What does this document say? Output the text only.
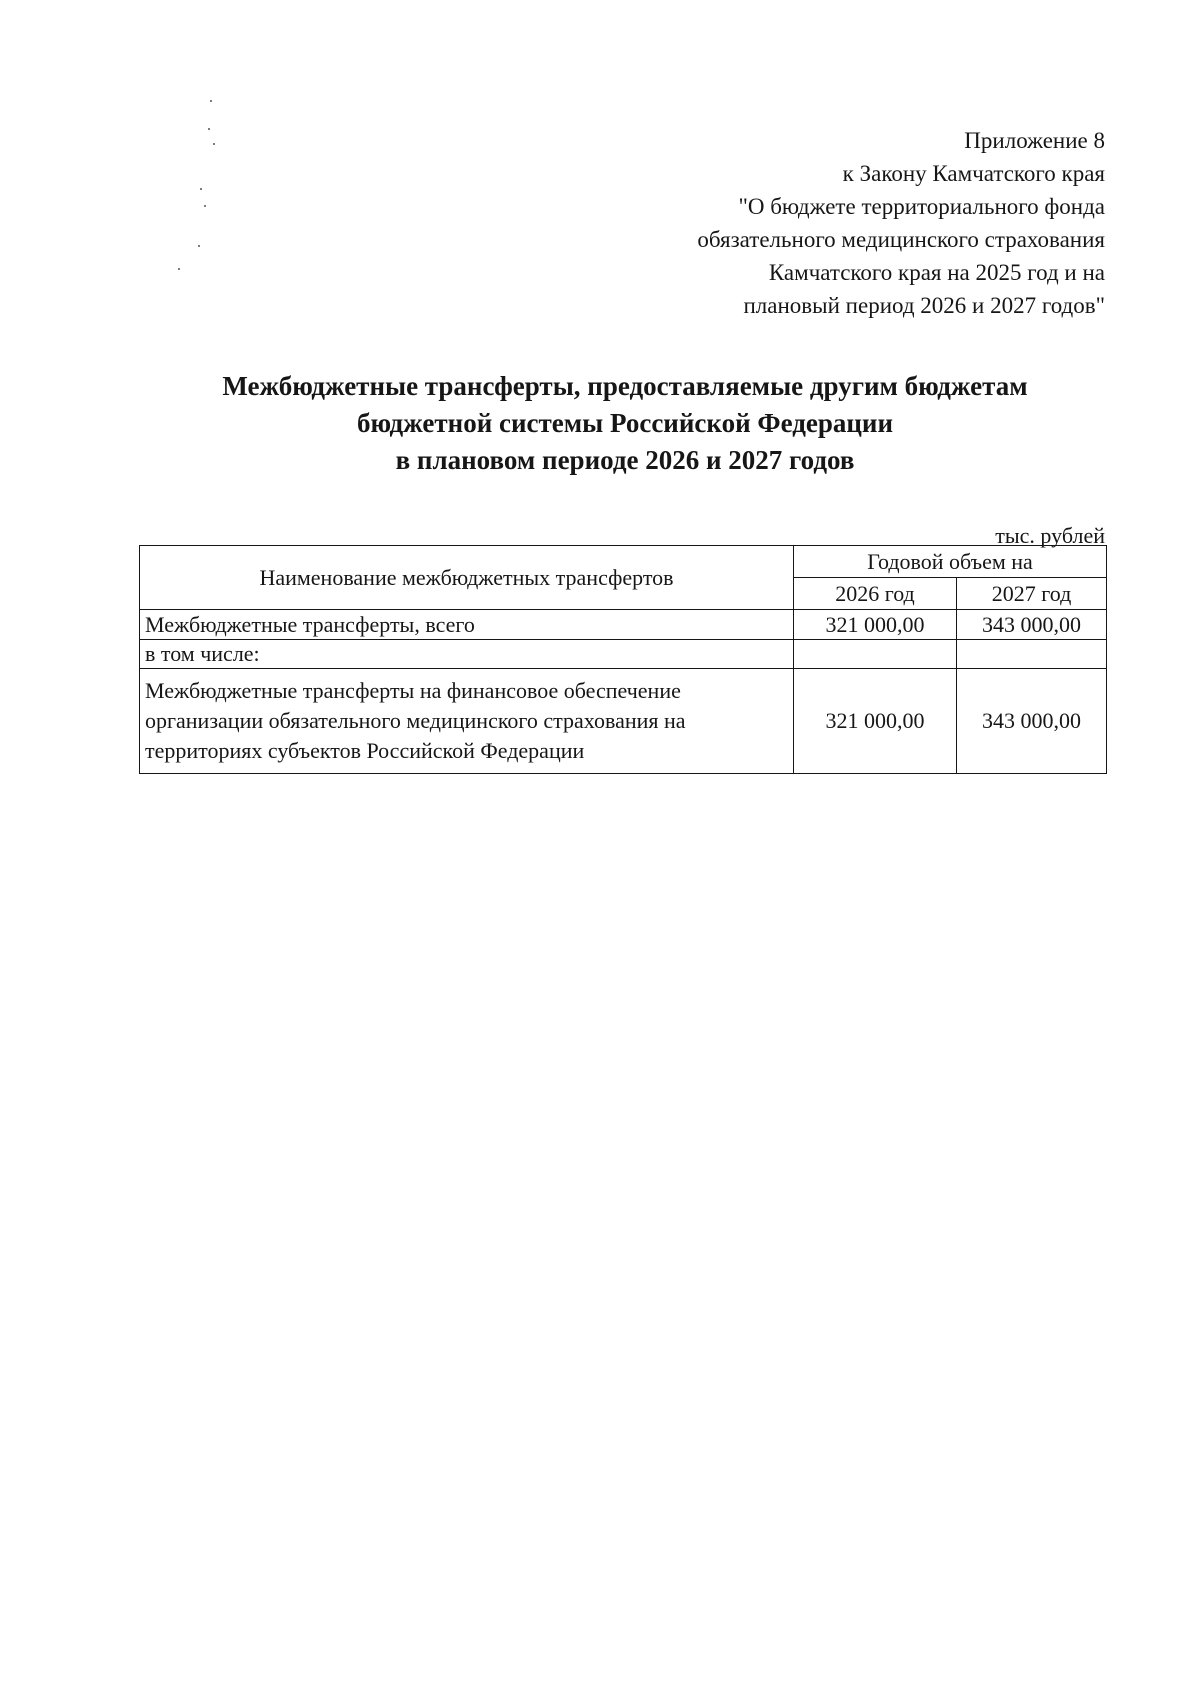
Приложение 8
к Закону Камчатского края
"О бюджете территориального фонда
обязательного медицинского страхования
Камчатского края на 2025 год и на
плановый период 2026 и 2027 годов"
Межбюджетные трансферты, предоставляемые другим бюджетам
бюджетной системы Российской Федерации
в плановом периоде 2026 и 2027 годов
тыс. рублей
Наименование межбюджетных трансфертов	Годовой объем на	
	2026 год	2027 год
Межбюджетные трансферты, всего	321 000,00	343 000,00
в том числе:		

Межбюджетные трансферты на финансовое обеспечение
организации обязательного медицинского страхования на
территориях субъектов Российской Федерации	321 000,00	343 000,00
